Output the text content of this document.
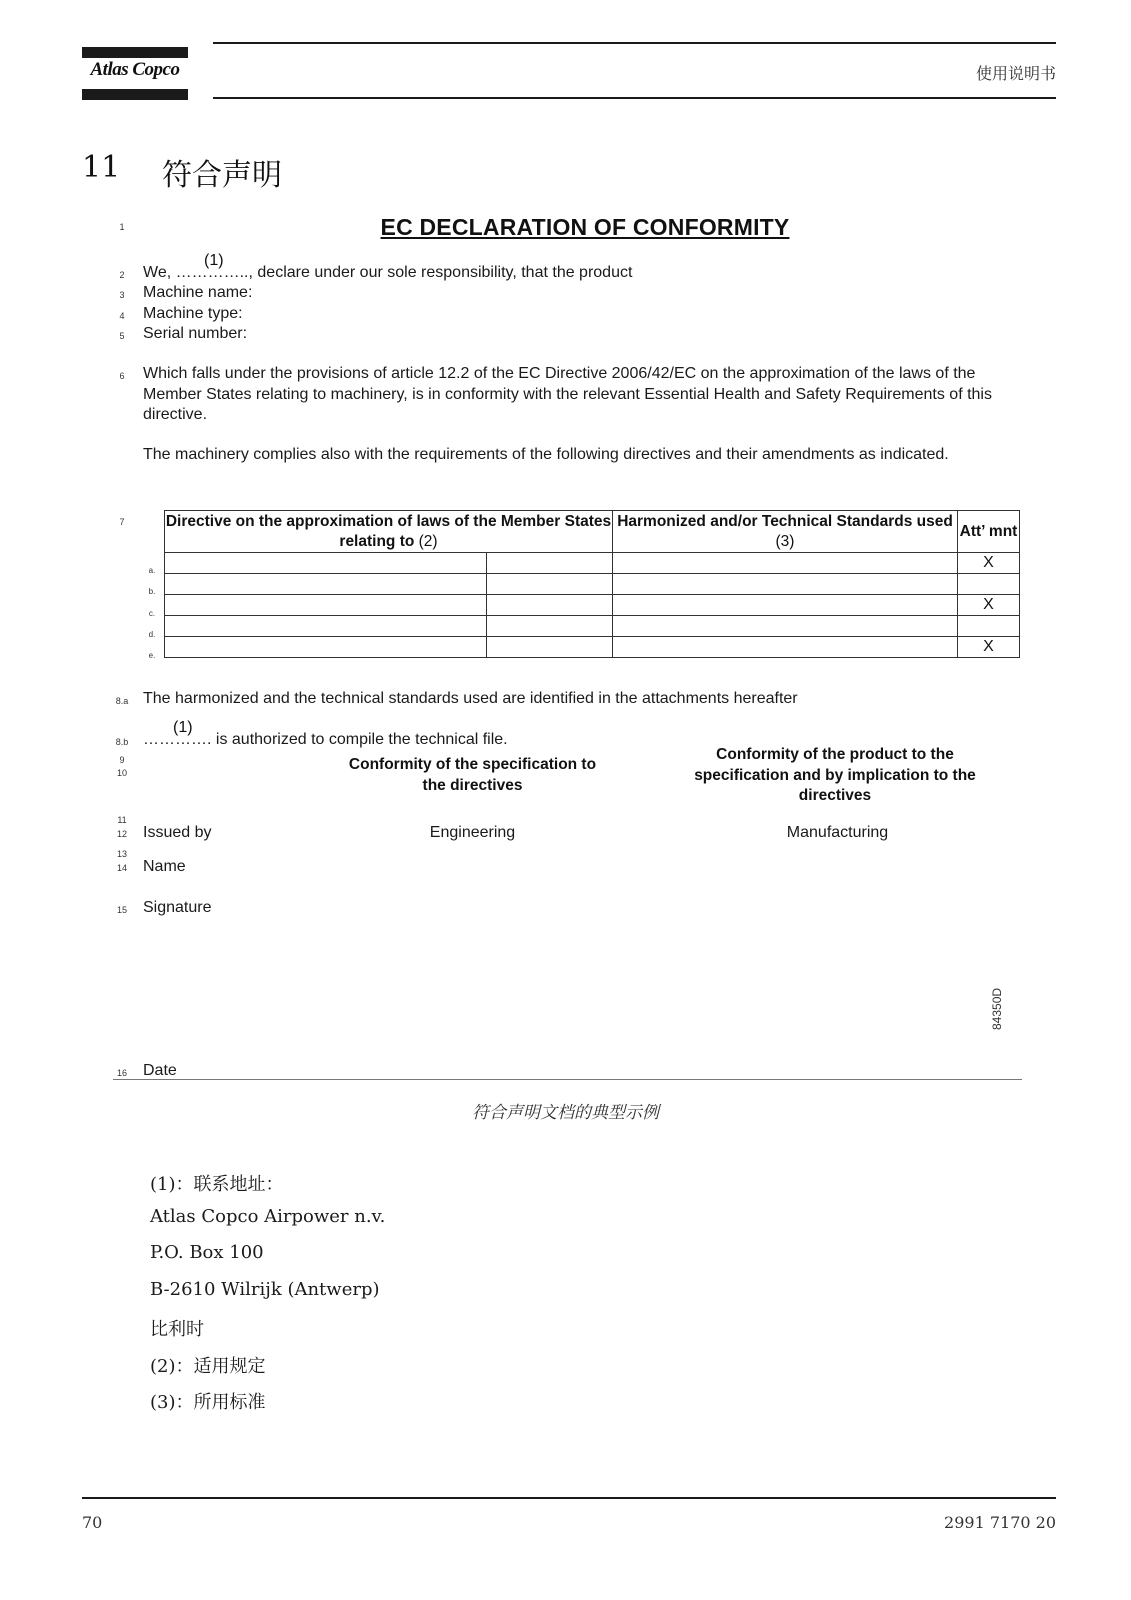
Atlas Copco	使用说明书
11 符合声明
1	EC DECLARATION OF CONFORMITY
2	We, ………….., declare under our sole responsibility, that the product
(1)
3	Machine name:
4	Machine type:
5	Serial number:
6	Which falls under the provisions of article 12.2 of the EC Directive 2006/42/EC on the approximation of the laws of the Member States relating to machinery, is in conformity with the relevant Essential Health and Safety Requirements of this directive.
The machinery complies also with the requirements of the following directives and their amendments as indicated.
7	Directive on the approximation of laws of the Member States relating to (2)		Harmonized and/or Technical Standards used (3)	Att’ mnt
			X

			X

			X
a.
b.
c.
d.
e.
8.a The harmonized and the technical standards used are identified in the attachments hereafter
8.b …………. is authorized to compile the technical file.
(1)
9
10	Conformity of the specification to the directives
Conformity of the product to the specification and by implication to the directives
11
12	Issued by	Engineering	Manufacturing
13
14	Name
15	Signature
84350D
16	Date
符合声明文档的典型示例
(1)：联系地址：
Atlas Copco Airpower n.v.
P.O. Box 100
B-2610 Wilrijk (Antwerp)
比利时
(2)：适用规定
(3)：所用标准
70	2991 7170 20
